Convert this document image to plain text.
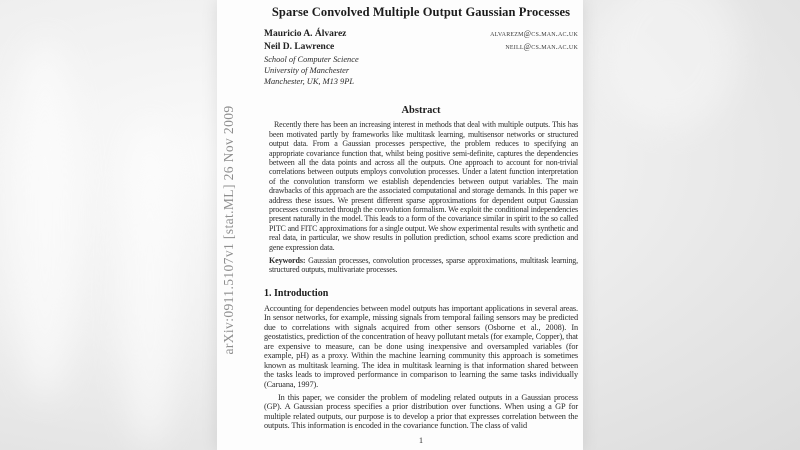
Sparse Convolved Multiple Output Gaussian Processes
Mauricio A. Álvarez	alvarezm@cs.man.ac.uk
Neil D. Lawrence	neill@cs.man.ac.uk
School of Computer Science
University of Manchester
Manchester, UK, M13 9PL
Abstract
Recently there has been an increasing interest in methods that deal with multiple outputs. This has been motivated partly by frameworks like multitask learning, multisensor networks or structured output data. From a Gaussian processes perspective, the problem reduces to specifying an appropriate covariance function that, whilst being positive semi-definite, captures the dependencies between all the data points and across all the outputs. One approach to account for non-trivial correlations between outputs employs convolution processes. Under a latent function interpretation of the convolution transform we establish dependencies between output variables. The main drawbacks of this approach are the associated computational and storage demands. In this paper we address these issues. We present different sparse approximations for dependent output Gaussian processes constructed through the convolution formalism. We exploit the conditional independencies present naturally in the model. This leads to a form of the covariance similar in spirit to the so called PITC and FITC approximations for a single output. We show experimental results with synthetic and real data, in particular, we show results in pollution prediction, school exams score prediction and gene expression data.
Keywords: Gaussian processes, convolution processes, sparse approximations, multitask learning, structured outputs, multivariate processes.
1. Introduction
Accounting for dependencies between model outputs has important applications in several areas. In sensor networks, for example, missing signals from temporal failing sensors may be predicted due to correlations with signals acquired from other sensors (Osborne et al., 2008). In geostatistics, prediction of the concentration of heavy pollutant metals (for example, Copper), that are expensive to measure, can be done using inexpensive and oversampled variables (for example, pH) as a proxy. Within the machine learning community this approach is sometimes known as multitask learning. The idea in multitask learning is that information shared between the tasks leads to improved performance in comparison to learning the same tasks individually (Caruana, 1997).
In this paper, we consider the problem of modeling related outputs in a Gaussian process (GP). A Gaussian process specifies a prior distribution over functions. When using a GP for multiple related outputs, our purpose is to develop a prior that expresses correlation between the outputs. This information is encoded in the covariance function. The class of valid
1
arXiv:0911.5107v1 [stat.ML] 26 Nov 2009
